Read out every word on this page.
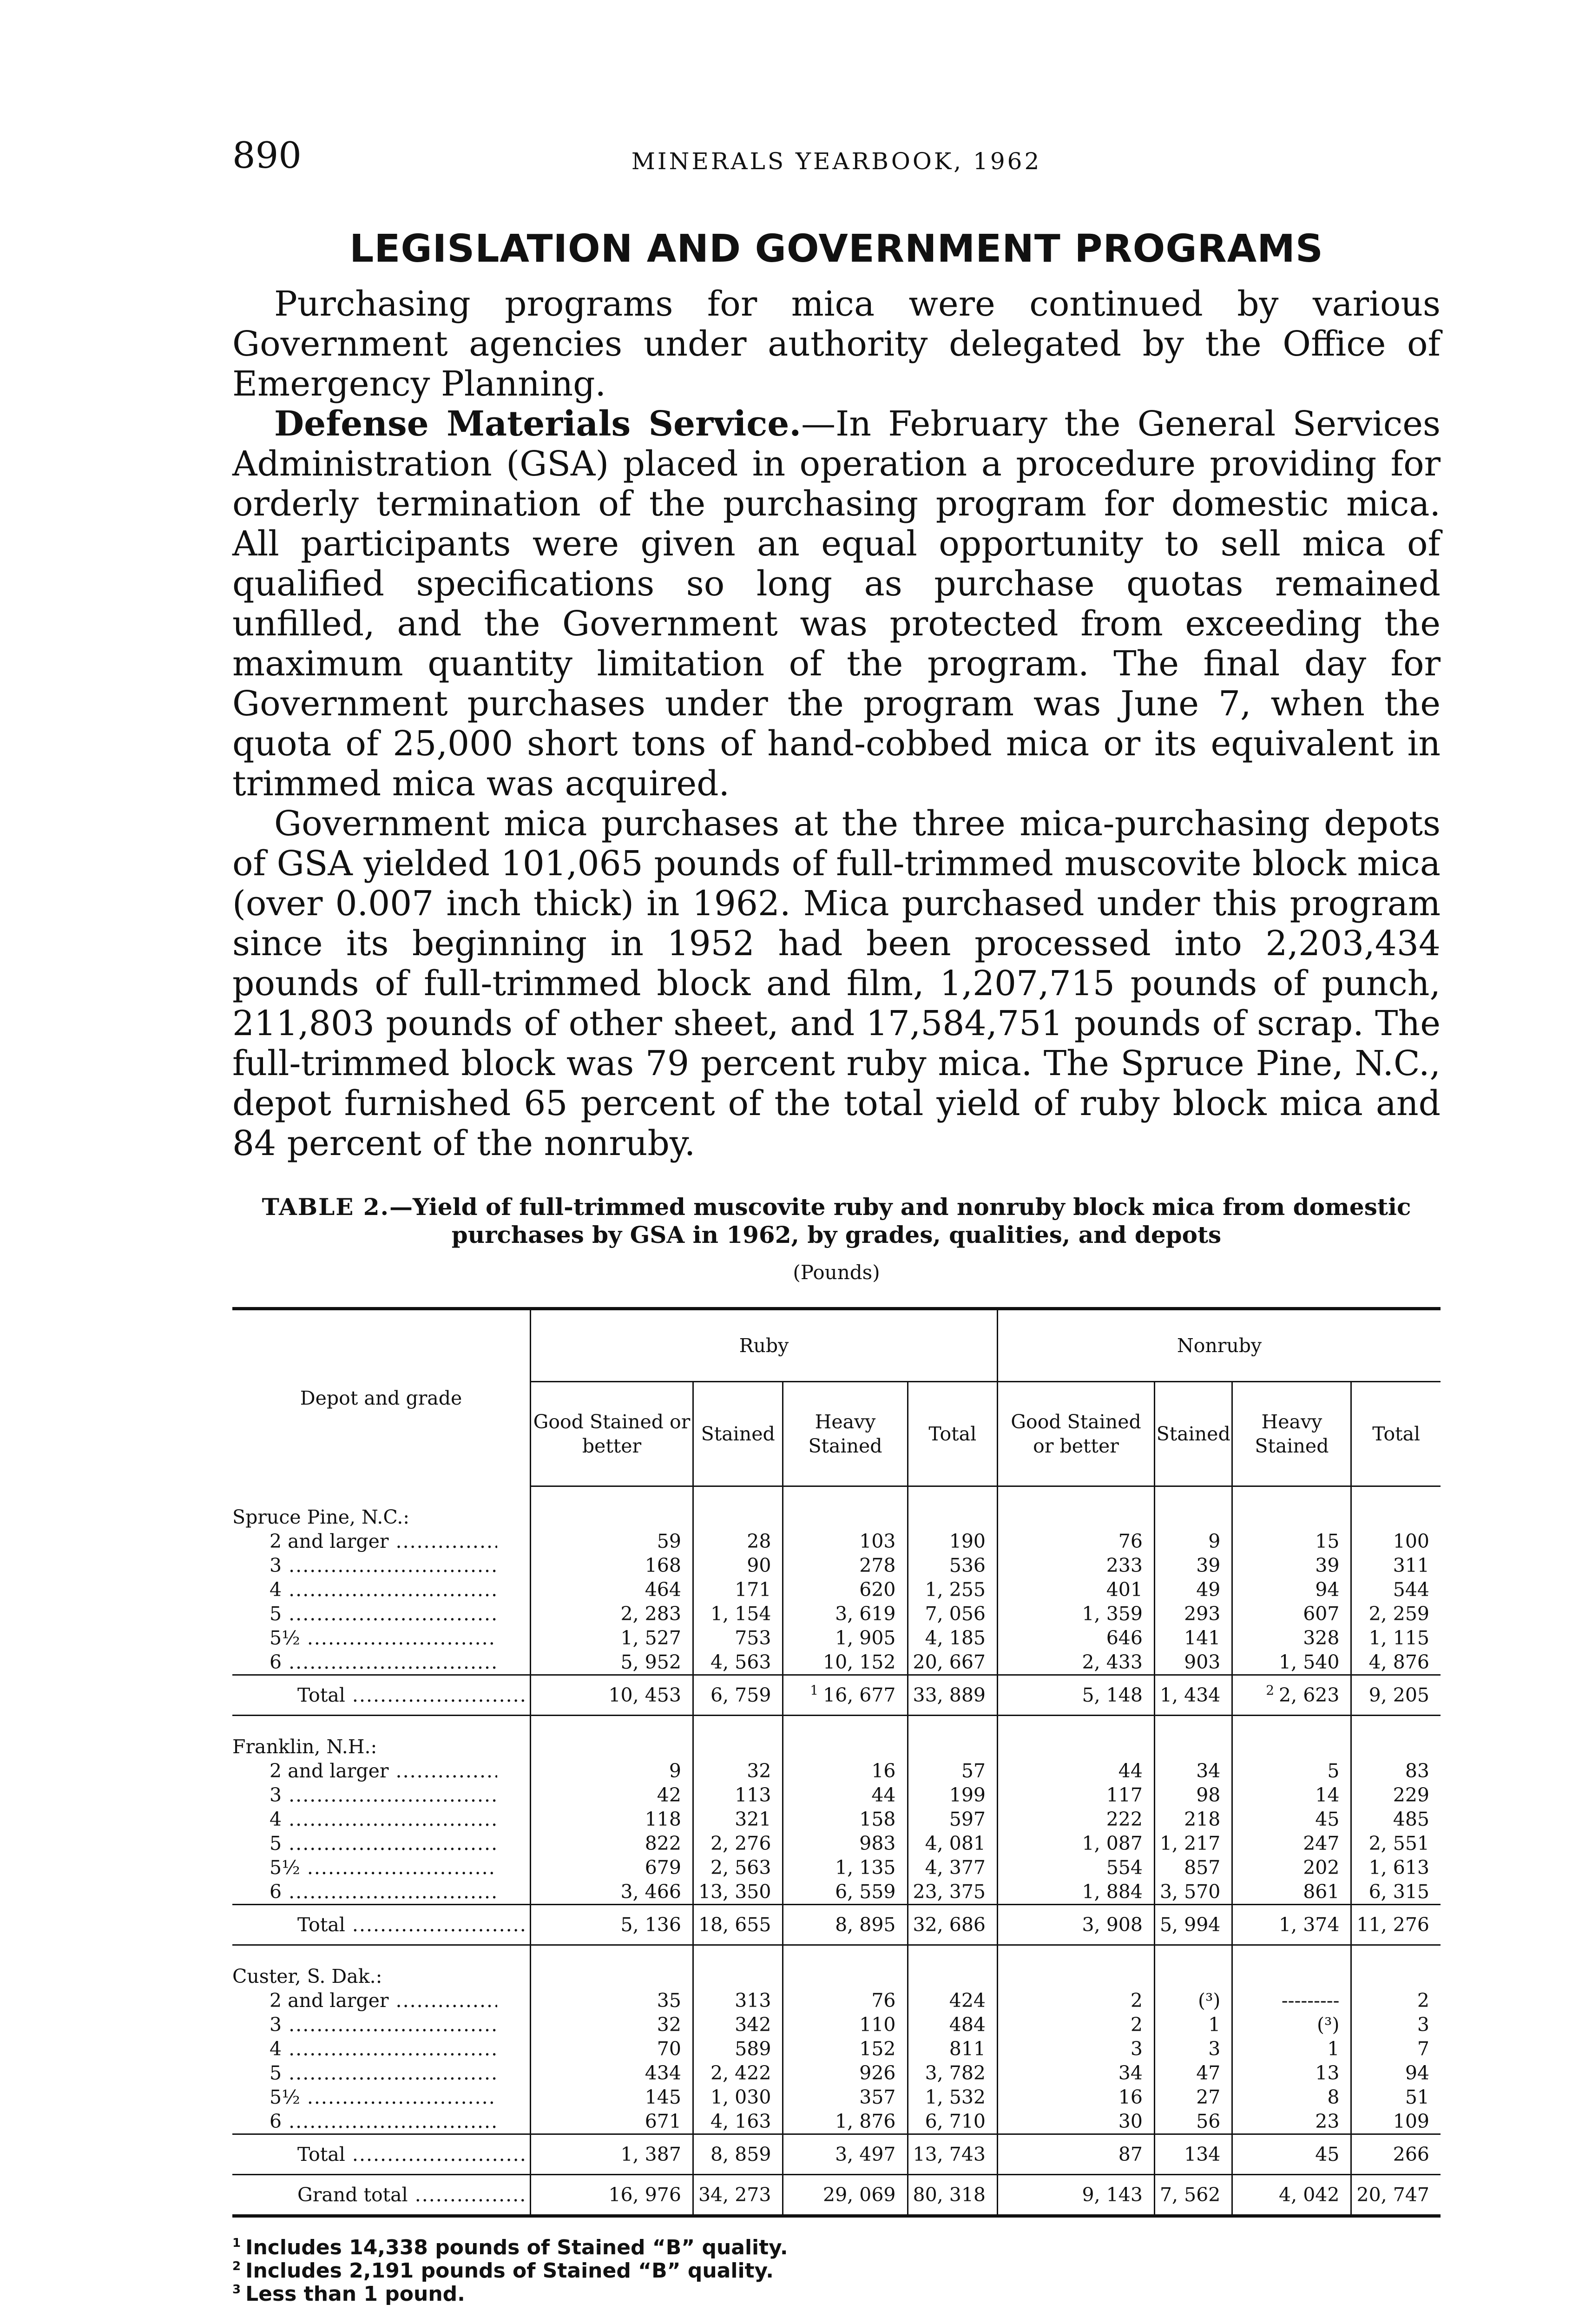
890	MINERALS YEARBOOK, 1962
LEGISLATION AND GOVERNMENT PROGRAMS

Purchasing programs for mica were continued by various Government agencies under authority delegated by the Office of Emergency Planning.

Defense Materials Service.—In February the General Services Administration (GSA) placed in operation a procedure providing for orderly termination of the purchasing program for domestic mica. All participants were given an equal opportunity to sell mica of qualified specifications so long as purchase quotas remained unfilled, and the Government was protected from exceeding the maximum quantity limitation of the program. The final day for Government purchases under the program was June 7, when the quota of 25,000 short tons of hand-cobbed mica or its equivalent in trimmed mica was acquired.

Government mica purchases at the three mica-purchasing depots of GSA yielded 101,065 pounds of full-trimmed muscovite block mica (over 0.007 inch thick) in 1962. Mica purchased under this program since its beginning in 1952 had been processed into 2,203,434 pounds of full-trimmed block and film, 1,207,715 pounds of punch, 211,803 pounds of other sheet, and 17,584,751 pounds of scrap. The full-trimmed block was 79 percent ruby mica. The Spruce Pine, N.C., depot furnished 65 percent of the total yield of ruby block mica and 84 percent of the nonruby.

TABLE 2.—Yield of full-trimmed muscovite ruby and nonruby block mica from domestic purchases by GSA in 1962, by grades, qualities, and depots
(Pounds)
Depot and grade	Ruby				Nonruby			
	Good Stained or better	Stained	Heavy Stained	Total	Good Stained or better	Stained	Heavy Stained	Total
Spruce Pine, N.C.:								

2 and larger .....	59	28	103	190	76	9	15	100

3 .....	168	90	278	536	233	39	39	311

4 .....	464	171	620	1, 255	401	49	94	544

5 .....	2, 283	1, 154	3, 619	7, 056	1, 359	293	607	2, 259

5½ .....	1, 527	753	1, 905	4, 185	646	141	328	1, 115

6 .....	5, 952	4, 563	10, 152	20, 667	2, 433	903	1, 540	4, 876

Total .....	10, 453	6, 759	$^1$ 16, 677	33, 889	5, 148	1, 434	$^2$ 2, 623	9, 205
Franklin, N.H.:								

2 and larger .....	9	32	16	57	44	34	5	83

3 .....	42	113	44	199	117	98	14	229

4 .....	118	321	158	597	222	218	45	485

5 .....	822	2, 276	983	4, 081	1, 087	1, 217	247	2, 551

5½ .....	679	2, 563	1, 135	4, 377	554	857	202	1, 613

6 .....	3, 466	13, 350	6, 559	23, 375	1, 884	3, 570	861	6, 315

Total .....	5, 136	18, 655	8, 895	32, 686	3, 908	5, 994	1, 374	11, 276
Custer, S. Dak.:								

2 and larger .....	35	313	76	424	2	(³)	---------	2

3 .....	32	342	110	484	2	1	(³)	3

4 .....	70	589	152	811	3	3	1	7

5 .....	434	2, 422	926	3, 782	34	47	13	94

5½ .....	145	1, 030	357	1, 532	16	27	8	51

6 .....	671	4, 163	1, 876	6, 710	30	56	23	109

Total .....	1, 387	8, 859	3, 497	13, 743	87	134	45	266

Grand total .....	16, 976	34, 273	29, 069	80, 318	9, 143	7, 562	4, 042	20, 747
$^1$ Includes 14,338 pounds of Stained “B” quality.
$^2$ Includes 2,191 pounds of Stained “B” quality.
$^3$ Less than 1 pound.
